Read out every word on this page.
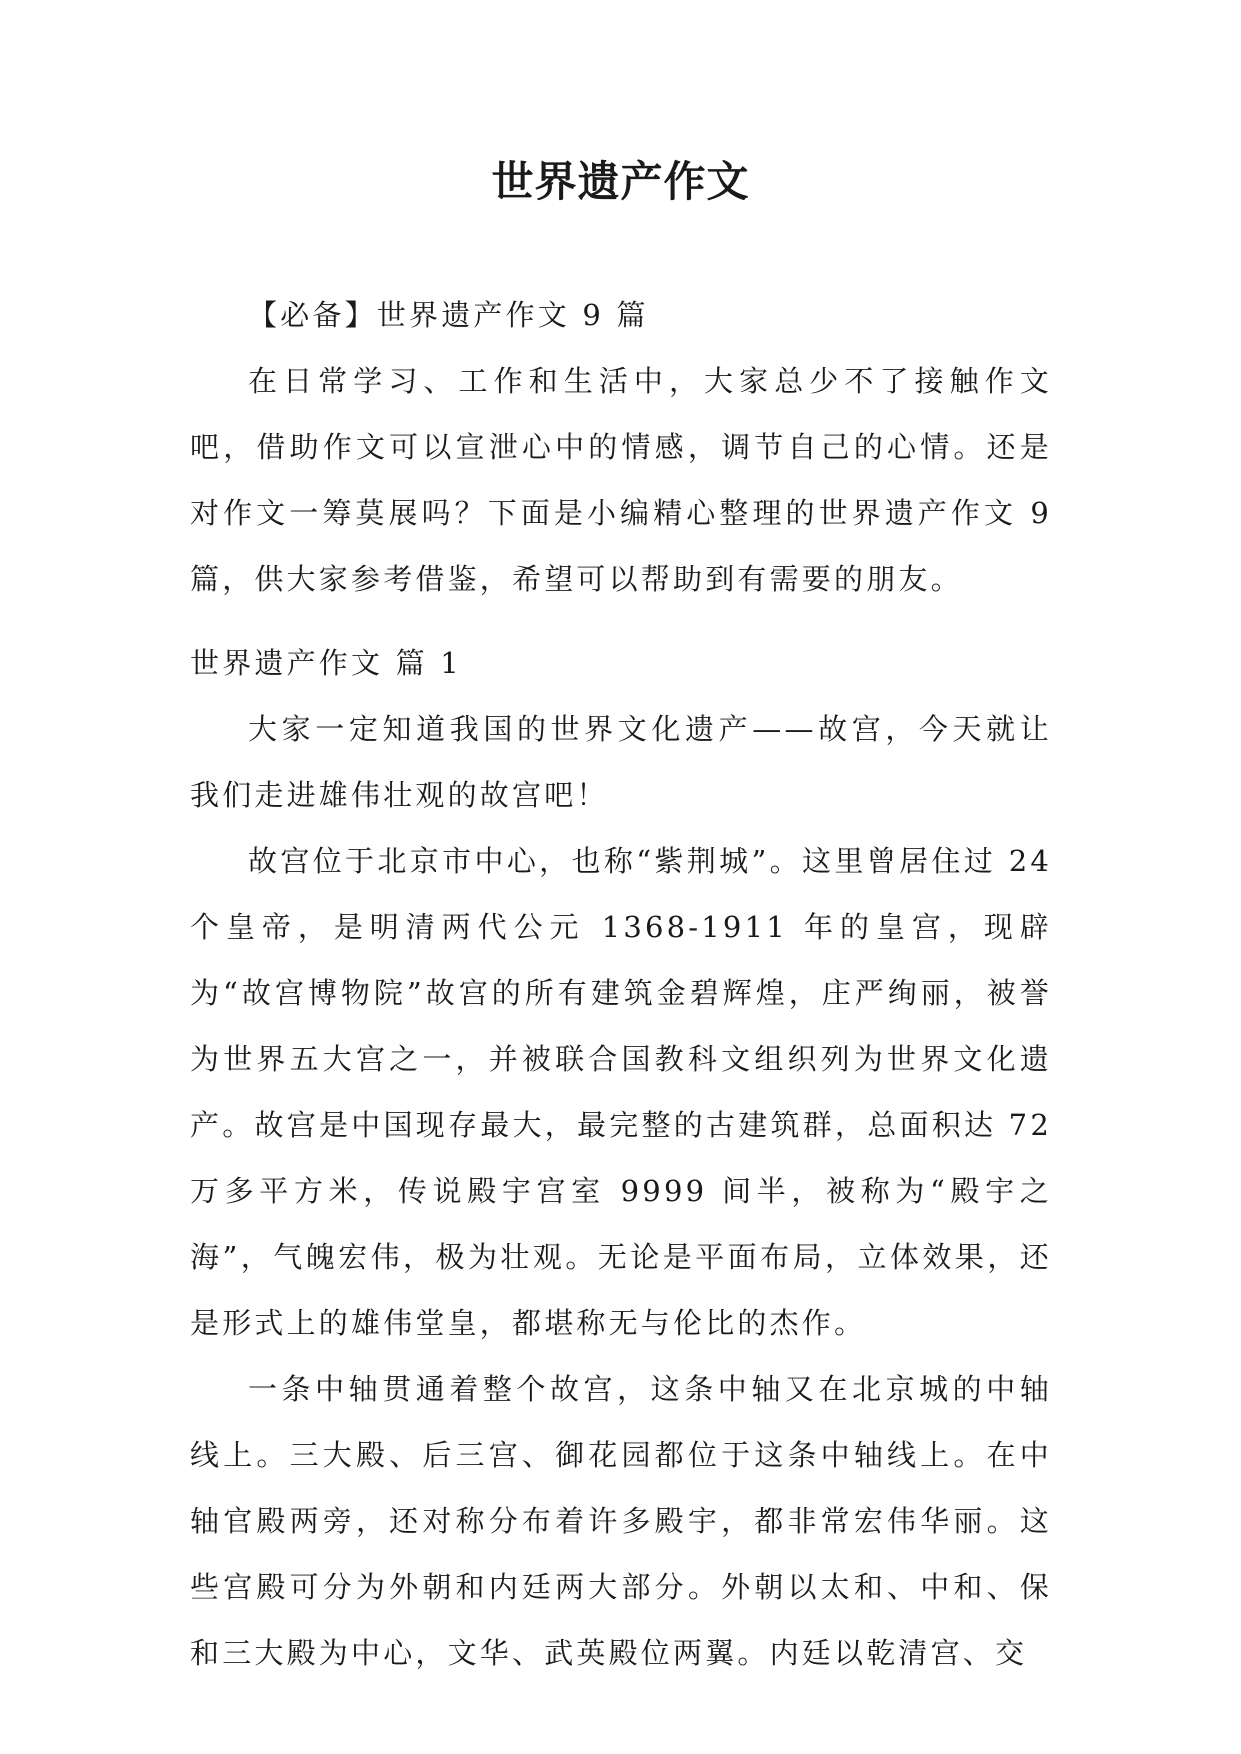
世界遗产作文

【必备】世界遗产作文 9 篇

在日常学习、工作和生活中，大家总少不了接触作文吧，借助作文可以宣泄心中的情感，调节自己的心情。还是对作文一筹莫展吗？下面是小编精心整理的世界遗产作文 9 篇，供大家参考借鉴，希望可以帮助到有需要的朋友。

世界遗产作文 篇 1

大家一定知道我国的世界文化遗产——故宫，今天就让我们走进雄伟壮观的故宫吧！

故宫位于北京市中心，也称“紫荆城”。这里曾居住过 24 个皇帝，是明清两代公元 1368-1911 年的皇宫，现辟为“故宫博物院”故宫的所有建筑金碧辉煌，庄严绚丽，被誉为世界五大宫之一，并被联合国教科文组织列为世界文化遗产。故宫是中国现存最大，最完整的古建筑群，总面积达 72 万多平方米，传说殿宇宫室 9999 间半，被称为“殿宇之海”，气魄宏伟，极为壮观。无论是平面布局，立体效果，还是形式上的雄伟堂皇，都堪称无与伦比的杰作。

一条中轴贯通着整个故宫，这条中轴又在北京城的中轴线上。三大殿、后三宫、御花园都位于这条中轴线上。在中轴官殿两旁，还对称分布着许多殿宇，都非常宏伟华丽。这些宫殿可分为外朝和内廷两大部分。外朝以太和、中和、保和三大殿为中心，文华、武英殿位两翼。内廷以乾清宫、交
